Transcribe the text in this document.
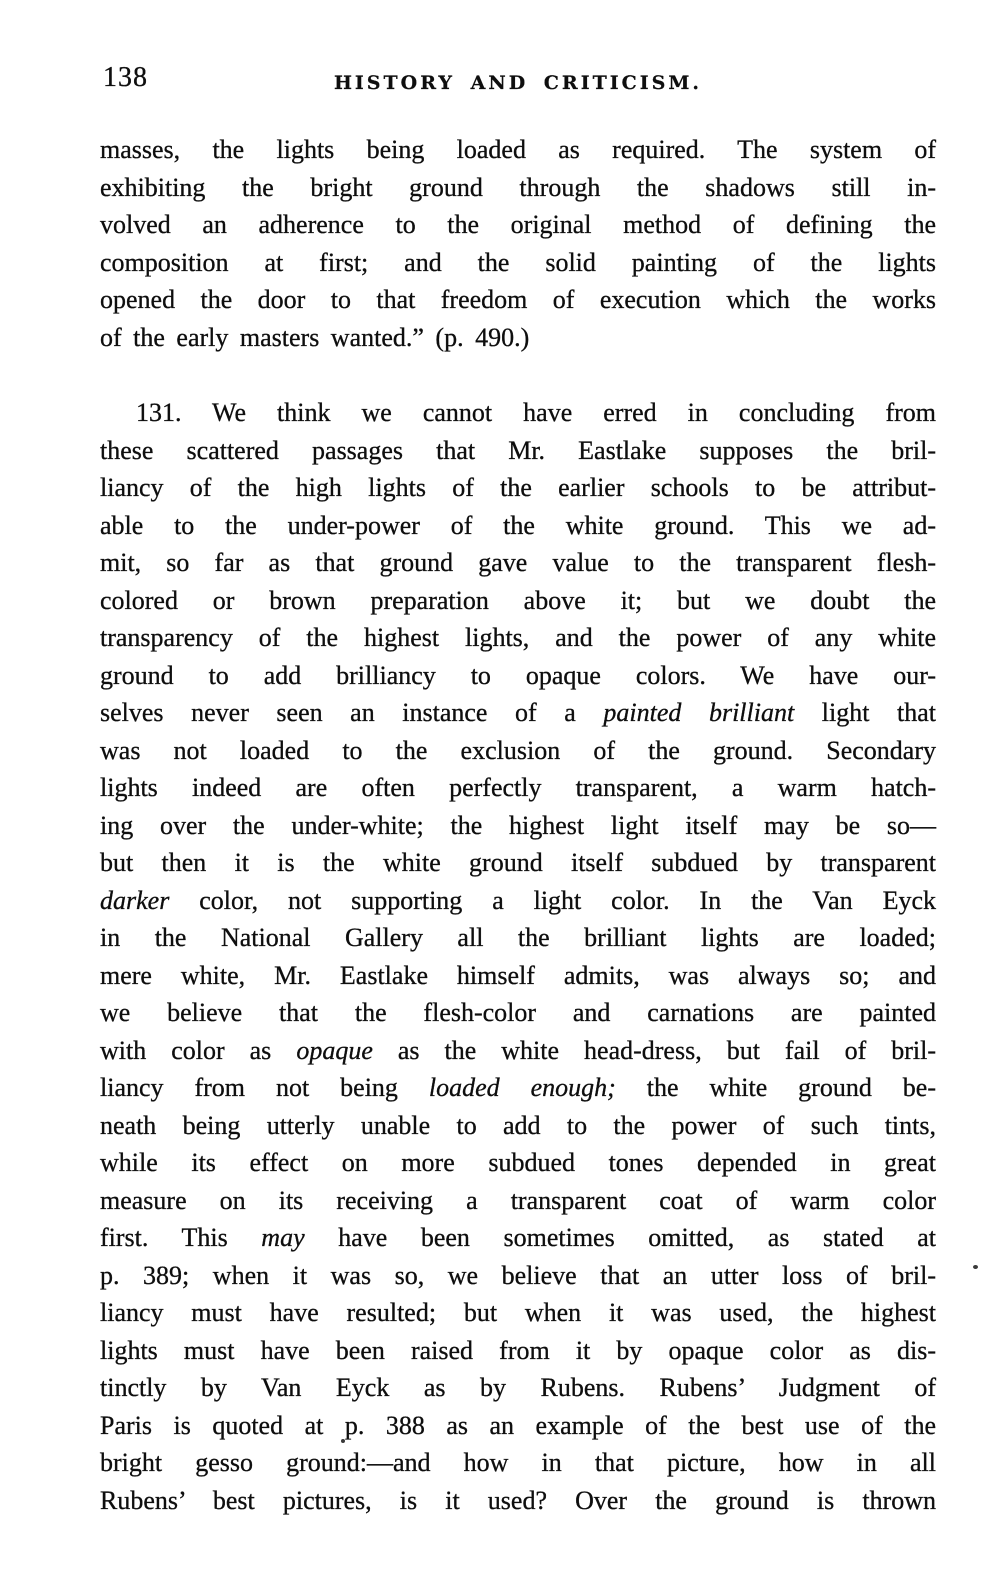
138	HISTORY AND CRITICISM.
masses, the lights being loaded as required. The system of
exhibiting the bright ground through the shadows still in-
volved an adherence to the original method of defining the
composition at first; and the solid painting of the lights
opened the door to that freedom of execution which the works
of the early masters wanted.” (p. 490.)
131. We think we cannot have erred in concluding from
these scattered passages that Mr. Eastlake supposes the bril-
liancy of the high lights of the earlier schools to be attribut-
able to the under-power of the white ground. This we ad-
mit, so far as that ground gave value to the transparent flesh-
colored or brown preparation above it; but we doubt the
transparency of the highest lights, and the power of any white
ground to add brilliancy to opaque colors. We have our-
selves never seen an instance of a painted brilliant light that
was not loaded to the exclusion of the ground. Secondary
lights indeed are often perfectly transparent, a warm hatch-
ing over the under-white; the highest light itself may be so—
but then it is the white ground itself subdued by transparent
darker color, not supporting a light color. In the Van Eyck
in the National Gallery all the brilliant lights are loaded;
mere white, Mr. Eastlake himself admits, was always so; and
we believe that the flesh-color and carnations are painted
with color as opaque as the white head-dress, but fail of bril-
liancy from not being loaded enough; the white ground be-
neath being utterly unable to add to the power of such tints,
while its effect on more subdued tones depended in great
measure on its receiving a transparent coat of warm color
first. This may have been sometimes omitted, as stated at
p. 389; when it was so, we believe that an utter loss of bril-
liancy must have resulted; but when it was used, the highest
lights must have been raised from it by opaque color as dis-
tinctly by Van Eyck as by Rubens. Rubens’ Judgment of
Paris is quoted at p. 388 as an example of the best use of the
bright gesso ground:—and how in that picture, how in all
Rubens’ best pictures, is it used? Over the ground is thrown
